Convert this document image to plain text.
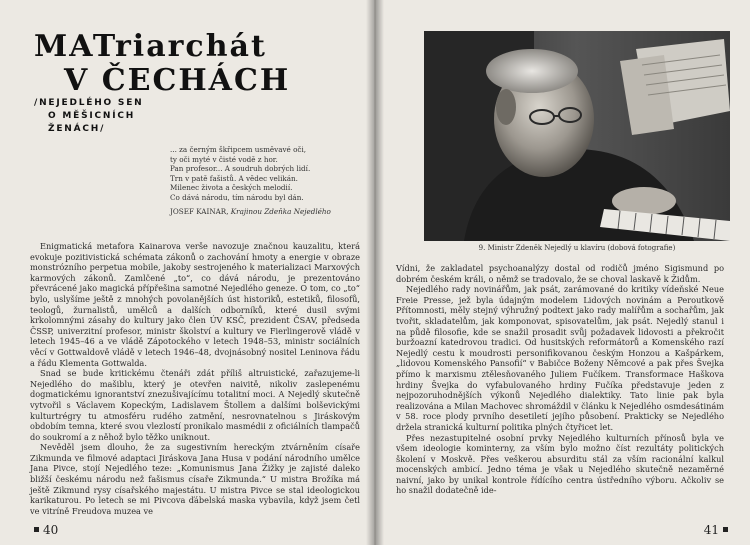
MATriarchát
V ČECHÁCH
/NEJEDLÉHO SEN
O MĚŠICNÍCH
ŽENÁCH/
... za černým škřipcem usměvavé oči,
ty oči myté v čisté vodě z hor.
Pan profesor... A soudruh dobrých lidí.
Trn v patě fašistů. A vědec velikán.
Milenec života a českých melodií.
Co dává národu, tím národu byl dán.
JOSEF KAINAR, Krajinou Zdeňka Nejedlého

Enigmatická metafora Kainarova verše navozuje značnou kauzalitu, která evokuje pozitivistická schémata zákonů o zachování hmoty a energie v obraze monstrózního perpetua mobile, jakoby sestrojeného k materializaci Marxových karmových zákonů. Zamlčené „to“, co dává národu, je prezentováno převrácené jako magická přípřešina samotné Nejedlého geneze. O tom, co „to“ bylo, uslyšíme ještě z mnohých povolanějších úst historiků, estetiků, filosofů, teologů, žurnalistů, umělců a dalších odborníků, které dusil svými krkolomnými zásahy do kultury jako člen ÚV KSČ, prezident ČSAV, předseda ČSSP, univerzitní profesor, ministr školství a kultury ve Fierlingerově vládě v letech 1945–46 a ve vládě Zápotockého v letech 1948–53, ministr sociálních věcí v Gottwaldově vládě v letech 1946–48, dvojnásobný nositel Leninova řádu a řádu Klementa Gottwalda.

Snad se bude kritickému čtenáři zdát příliš altruistické, zařazujeme-li Nejedlého do mašiblu, který je otevřen naivitě, nikoliv zaslepenému dogmatickému ignorantství znezušivajícímu totalitní moci. A Nejedlý skutečně vytvořil s Václavem Kopeckým, Ladislavem Štollem a dalšími bolševickými kulturtrégry tu atmosféru rudého zatmění, nesrovnatelnou s Jiráskovým obdobím temna, které svou vlezlostí pronikalo masmédii z oficiálních tlampačů do soukromí a z něhož bylo těžko uniknout.

Nevěděl jsem dlouho, že za sugestivním hereckým ztvárněním císaře Zikmunda ve filmové adaptaci Jiráskova Jana Husa v podání národního umělce Jana Pivce, stojí Nejedlého teze: „Komunismus Jana Žižky je zajisté daleko bližší českému národu než fašismus císaře Zikmunda.“ U mistra Brožíka má ještě Zikmund rysy císařského majestátu. U mistra Pivce se stal ideologickou karikaturou. Po letech se mi Pivcova ďábelská maska vybavila, když jsem četl ve vitríně Freudova muzea ve

40
9. Ministr Zdeněk Nejedlý u klavíru (dobová fotografie)

Vídni, že zakladatel psychoanalýzy dostal od rodičů jméno Sigismund po dobrém českém králi, o němž se tradovalo, že se choval laskavě k Židům.

Nejedlého rady novinářům, jak psát, zarámované do kritiky vídeňské Neue Freie Presse, jež byla údajným modelem Lidových novinám a Peroutkově Přítomnosti, měly stejný výhružný podtext jako rady malířům a sochařům, jak tvořit, skladatelům, jak komponovat, spisovatelům, jak psát. Nejedlý stanul i na půdě filosofie, kde se snažil prosadit svůj požadavek lidovosti a překročit buržoazní katedrovou tradici. Od husitských reformátorů a Komenského razí Nejedlý cestu k moudrosti personifikovanou českým Honzou a Kašpárkem, „lidovou Komenského Pansofií“ v Babičce Boženy Němcové a pak přes Švejka přímo k marxismu ztělesňovaného Juliem Fučíkem. Transformace Haškova hrdiny Švejka do vyfabulovaného hrdiny Fučíka představuje jeden z nejpozoruhodnějších výkonů Nejedlého dialektiky. Tato linie pak byla realizována a Milan Machovec shromáždil v článku k Nejedlého osmdesátinám v 58. roce plody prvního desetiletí jejího působení. Prakticky se Nejedlého držela stranická kulturní politika plných čtyřicet let.

Přes nezastupitelné osobní prvky Nejedlého kulturních přínosů byla ve všem ideologie kominterny, za vším bylo možno číst rezultáty politických školení v Moskvě. Přes veškerou absurditu stál za vším racionální kalkul mocenských ambicí. Jedno téma je však u Nejedlého skutečně nezaměrné naivní, jako by unikal kontrole řídícího centra ústředního výboru. Ačkoliv se ho snažil dodatečně ide-

41
